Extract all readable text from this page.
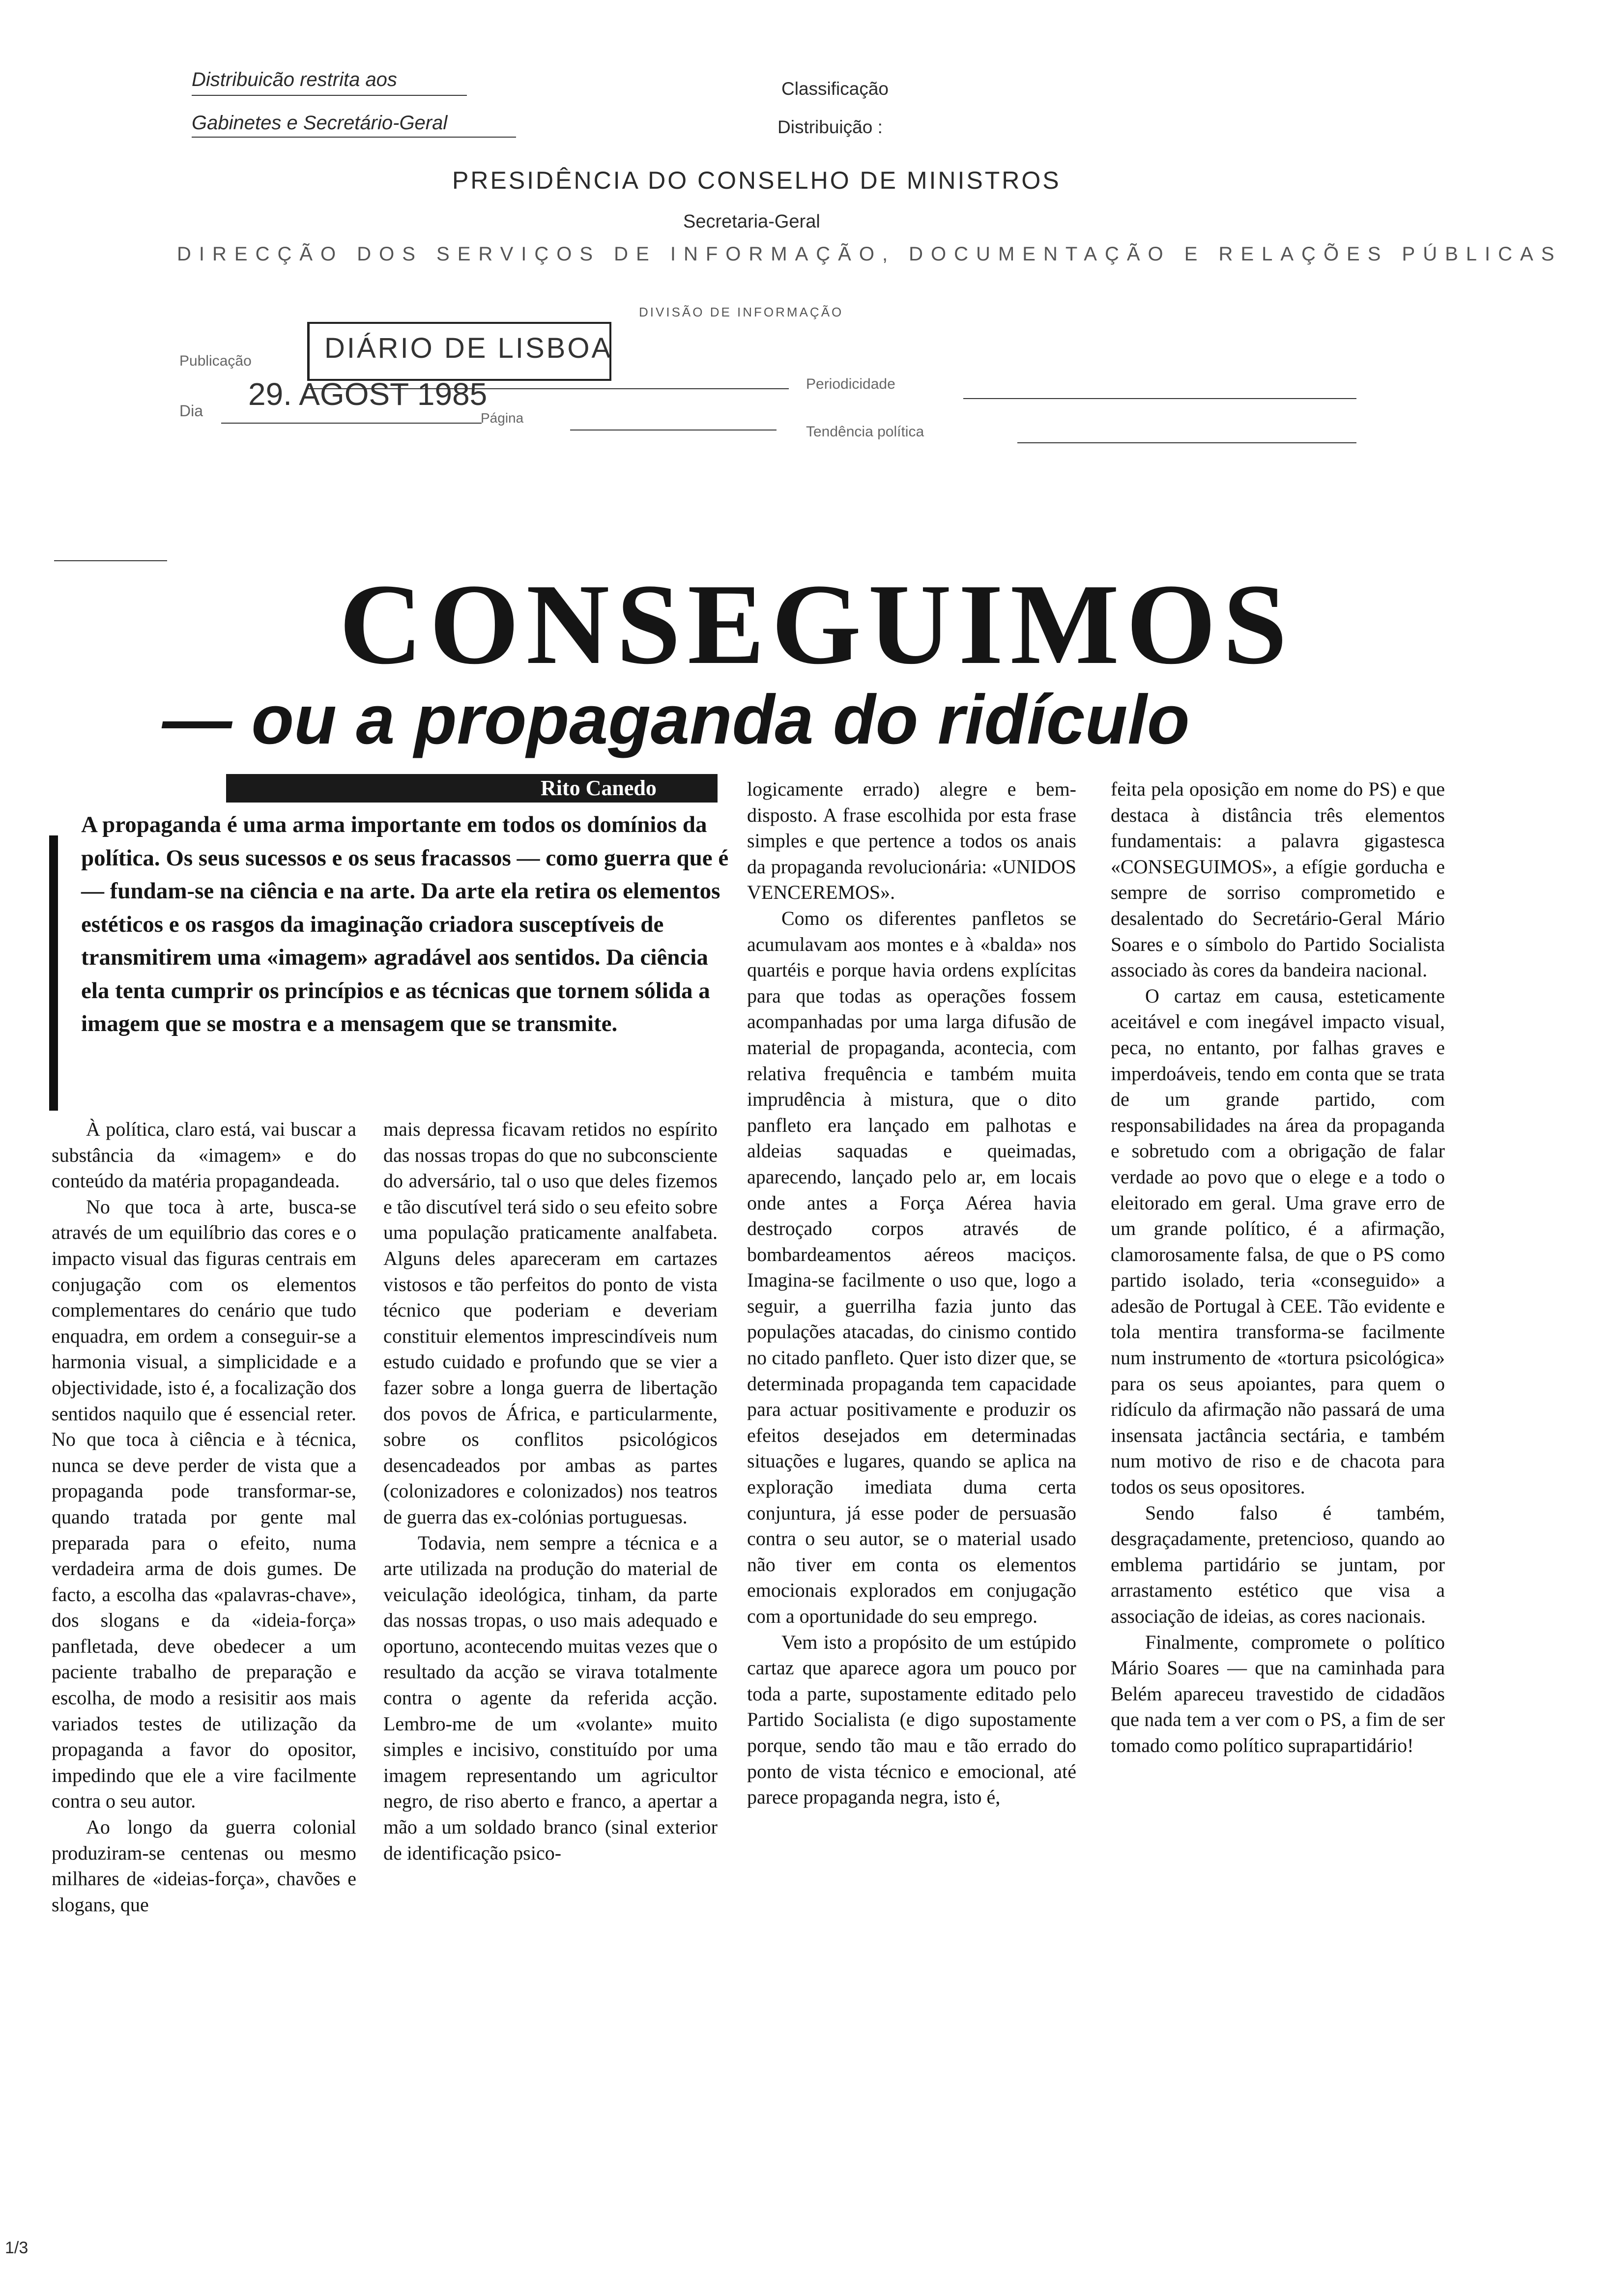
Distribuicão restrita aos
Gabinetes e Secretário-Geral
Classificação
Distribuição :
PRESIDÊNCIA DO CONSELHO DE MINISTROS
Secretaria-Geral
DIRECÇÃO DOS SERVIÇOS DE INFORMAÇÃO, DOCUMENTAÇÃO E RELAÇÕES PÚBLICAS
DIVISÃO DE INFORMAÇÃO
Publicação	DIÁRIO DE LISBOA
Dia 29. AGOST 1985
Página
Periodicidade
Tendência política
CONSEGUIMOS
— ou a propaganda do ridículo
Rito Canedo
A propaganda é uma arma importante em todos os domínios da política. Os seus sucessos e os seus fracassos — como guerra que é — fundam-se na ciência e na arte. Da arte ela retira os elementos estéticos e os rasgos da imaginação criadora susceptíveis de transmitirem uma «imagem» agradável aos sentidos. Da ciência ela tenta cumprir os princípios e as técnicas que tornem sólida a imagem que se mostra e a mensagem que se transmite.

À política, claro está, vai buscar a substância da «imagem» e do conteúdo da matéria propagandeada.

No que toca à arte, busca-se através de um equilíbrio das cores e o impacto visual das figuras centrais em conjugação com os elementos complementares do cenário que tudo enquadra, em ordem a conseguir-se a harmonia visual, a simplicidade e a objectividade, isto é, a focalização dos sentidos naquilo que é essencial reter. No que toca à ciência e à técnica, nunca se deve perder de vista que a propaganda pode transformar-se, quando tratada por gente mal preparada para o efeito, numa verdadeira arma de dois gumes. De facto, a escolha das «palavras-chave», dos slogans e da «ideia-força» panfletada, deve obedecer a um paciente trabalho de preparação e escolha, de modo a resisitir aos mais variados testes de utilização da propaganda a favor do opositor, impedindo que ele a vire facilmente contra o seu autor.

Ao longo da guerra colonial produziram-se centenas ou mesmo milhares de «ideias-força», chavões e slogans, que

mais depressa ficavam retidos no espírito das nossas tropas do que no subconsciente do adversário, tal o uso que deles fizemos e tão discutível terá sido o seu efeito sobre uma população praticamente analfabeta. Alguns deles apareceram em cartazes vistosos e tão perfeitos do ponto de vista técnico que poderiam e deveriam constituir elementos imprescindíveis num estudo cuidado e profundo que se vier a fazer sobre a longa guerra de libertação dos povos de África, e particularmente, sobre os conflitos psicológicos desencadeados por ambas as partes (colonizadores e colonizados) nos teatros de guerra das ex-colónias portuguesas.

Todavia, nem sempre a técnica e a arte utilizada na produção do material de veiculação ideológica, tinham, da parte das nossas tropas, o uso mais adequado e oportuno, acontecendo muitas vezes que o resultado da acção se virava totalmente contra o agente da referida acção. Lembro-me de um «volante» muito simples e incisivo, constituído por uma imagem representando um agricultor negro, de riso aberto e franco, a apertar a mão a um soldado branco (sinal exterior de identificação psico-

logicamente errado) alegre e bem-disposto. A frase escolhida por esta frase simples e que pertence a todos os anais da propaganda revolucionária: «UNIDOS VENCEREMOS».

Como os diferentes panfletos se acumulavam aos montes e à «balda» nos quartéis e porque havia ordens explícitas para que todas as operações fossem acompanhadas por uma larga difusão de material de propaganda, acontecia, com relativa frequência e também muita imprudência à mistura, que o dito panfleto era lançado em palhotas e aldeias saquadas e queimadas, aparecendo, lançado pelo ar, em locais onde antes a Força Aérea havia destroçado corpos através de bombardeamentos aéreos maciços. Imagina-se facilmente o uso que, logo a seguir, a guerrilha fazia junto das populações atacadas, do cinismo contido no citado panfleto. Quer isto dizer que, se determinada propaganda tem capacidade para actuar positivamente e produzir os efeitos desejados em determinadas situações e lugares, quando se aplica na exploração imediata duma certa conjuntura, já esse poder de persuasão contra o seu autor, se o material usado não tiver em conta os elementos emocionais explorados em conjugação com a oportunidade do seu emprego.

Vem isto a propósito de um estúpido cartaz que aparece agora um pouco por toda a parte, supostamente editado pelo Partido Socialista (e digo supostamente porque, sendo tão mau e tão errado do ponto de vista técnico e emocional, até parece propaganda negra, isto é,

feita pela oposição em nome do PS) e que destaca à distância três elementos fundamentais: a palavra gigastesca «CONSEGUIMOS», a efígie gorducha e sempre de sorriso comprometido e desalentado do Secretário-Geral Mário Soares e o símbolo do Partido Socialista associado às cores da bandeira nacional.

O cartaz em causa, esteticamente aceitável e com inegável impacto visual, peca, no entanto, por falhas graves e imperdoáveis, tendo em conta que se trata de um grande partido, com responsabilidades na área da propaganda e sobretudo com a obrigação de falar verdade ao povo que o elege e a todo o eleitorado em geral. Uma grave erro de um grande político, é a afirmação, clamorosamente falsa, de que o PS como partido isolado, teria «conseguido» a adesão de Portugal à CEE. Tão evidente e tola mentira transforma-se facilmente num instrumento de «tortura psicológica» para os seus apoiantes, para quem o ridículo da afirmação não passará de uma insensata jactância sectária, e também num motivo de riso e de chacota para todos os seus opositores.

Sendo falso é também, desgraçadamente, pretencioso, quando ao emblema partidário se juntam, por arrastamento estético que visa a associação de ideias, as cores nacionais.

Finalmente, compromete o político Mário Soares — que na caminhada para Belém apareceu travestido de cidadãos que nada tem a ver com o PS, a fim de ser tomado como político suprapartidário!

1/3
